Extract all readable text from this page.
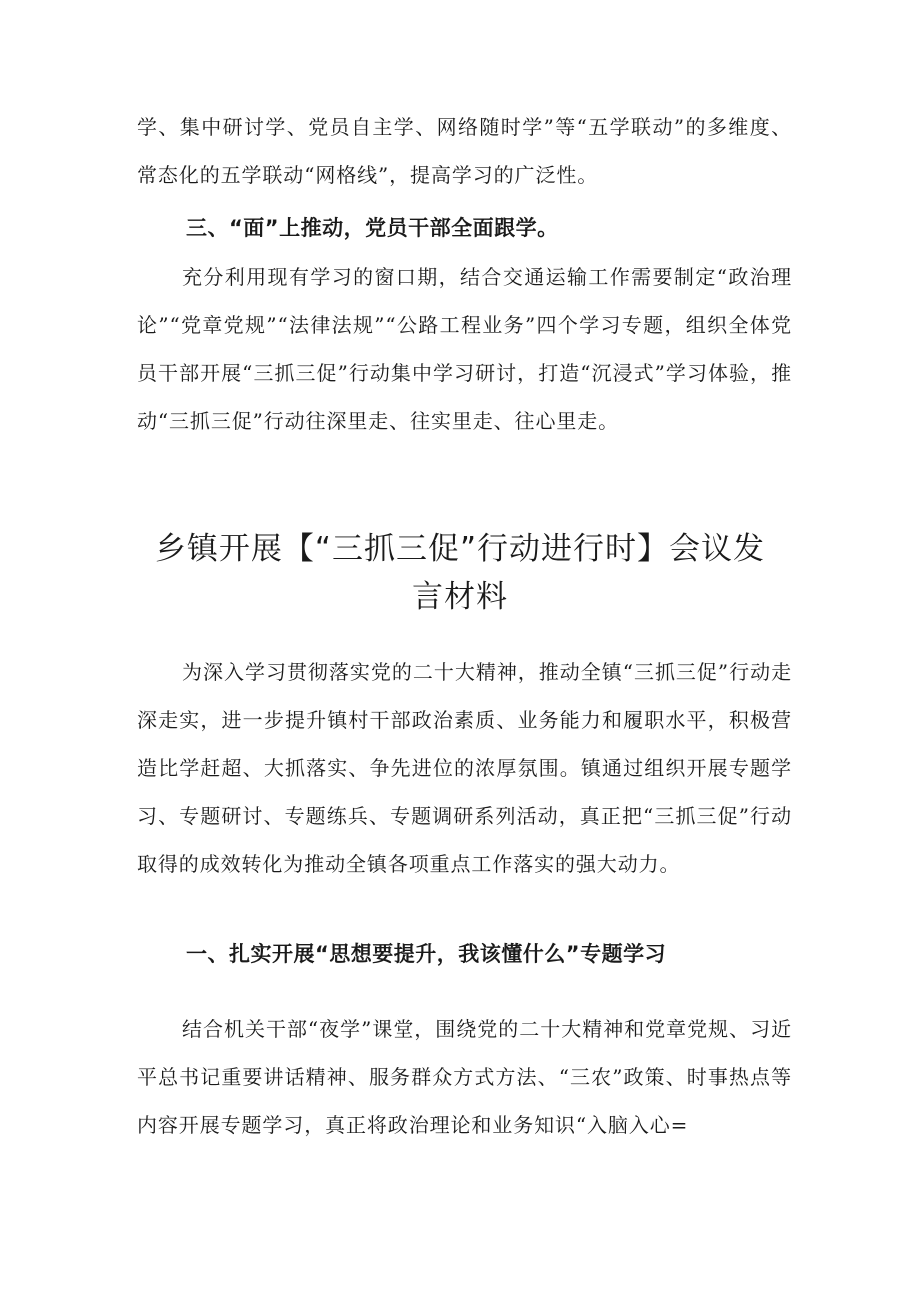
学、集中研讨学、党员自主学、网络随时学”等“五学联动”的多维度、常态化的五学联动“网格线”，提高学习的广泛性。

三、“面”上推动，党员干部全面跟学。

充分利用现有学习的窗口期，结合交通运输工作需要制定“政治理论”“党章党规”“法律法规”“公路工程业务”四个学习专题，组织全体党员干部开展“三抓三促”行动集中学习研讨，打造“沉浸式”学习体验，推动“三抓三促”行动往深里走、往实里走、往心里走。

乡镇开展【“三抓三促”行动进行时】会议发
言材料

为深入学习贯彻落实党的二十大精神，推动全镇“三抓三促”行动走深走实，进一步提升镇村干部政治素质、业务能力和履职水平，积极营造比学赶超、大抓落实、争先进位的浓厚氛围。镇通过组织开展专题学习、专题研讨、专题练兵、专题调研系列活动，真正把“三抓三促”行动取得的成效转化为推动全镇各项重点工作落实的强大动力。

一、扎实开展“思想要提升，我该懂什么”专题学习

结合机关干部“夜学”课堂，围绕党的二十大精神和党章党规、习近平总书记重要讲话精神、服务群众方式方法、“三农”政策、时事热点等内容开展专题学习，真正将政治理论和业务知识“入脑入心=
